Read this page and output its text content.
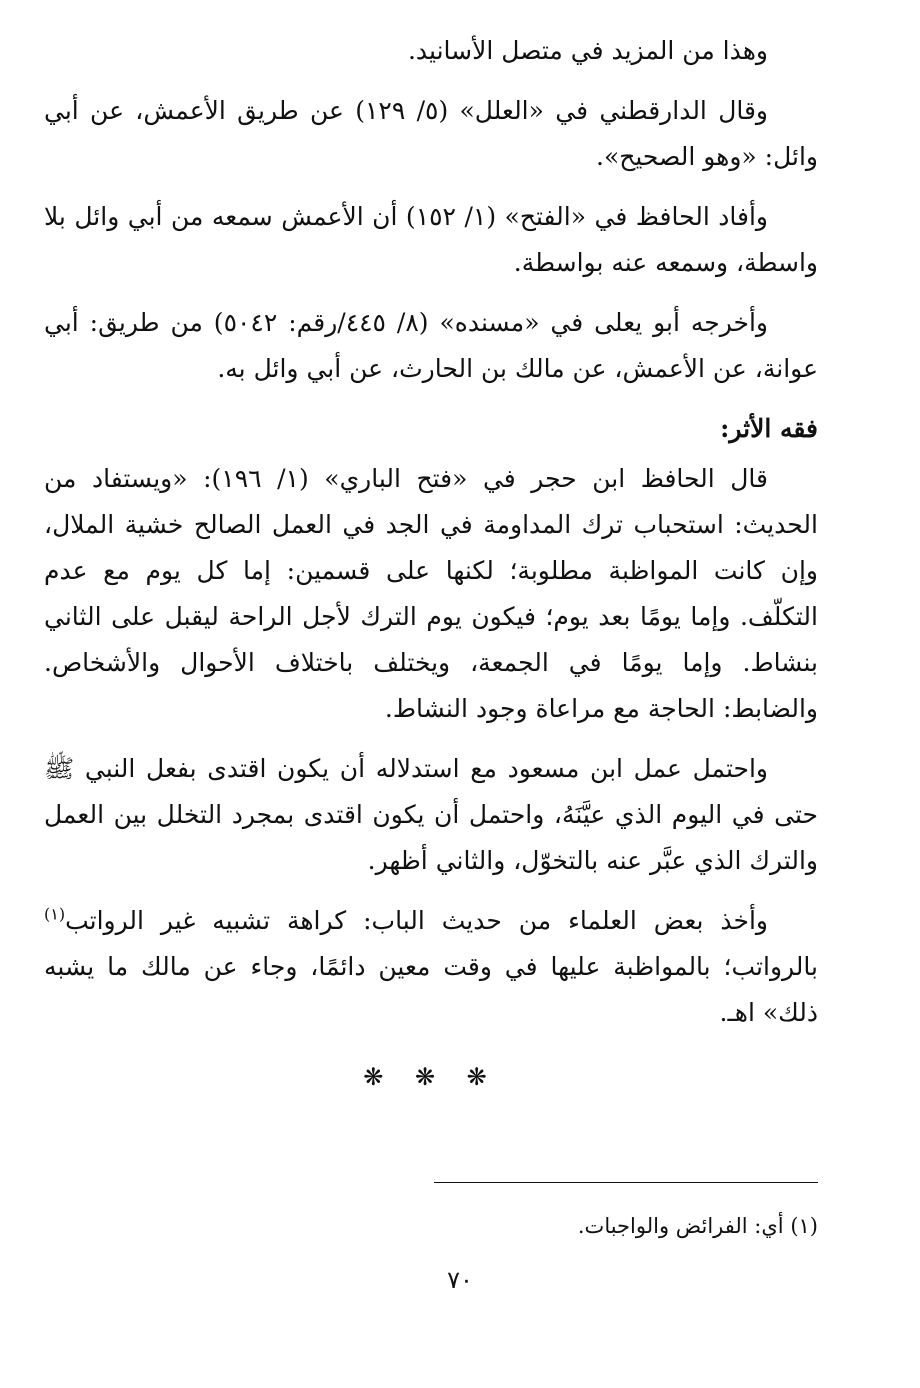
وهذا من المزيد في متصل الأسانيد.

وقال الدارقطني في «العلل» (٥/ ١٢٩) عن طريق الأعمش، عن أبي وائل: «وهو الصحيح».

وأفاد الحافظ في «الفتح» (١/ ١٥٢) أن الأعمش سمعه من أبي وائل بلا واسطة، وسمعه عنه بواسطة.

وأخرجه أبو يعلى في «مسنده» (٨/ ٤٤٥/رقم: ٥٠٤٢) من طريق: أبي عوانة، عن الأعمش، عن مالك بن الحارث، عن أبي وائل به.

فقه الأثر:

قال الحافظ ابن حجر في «فتح الباري» (١/ ١٩٦): «ويستفاد من الحديث: استحباب ترك المداومة في الجد في العمل الصالح خشية الملال، وإن كانت المواظبة مطلوبة؛ لكنها على قسمين: إما كل يوم مع عدم التكلّف. وإما يومًا بعد يوم؛ فيكون يوم الترك لأجل الراحة ليقبل على الثاني بنشاط. وإما يومًا في الجمعة، ويختلف باختلاف الأحوال والأشخاص. والضابط: الحاجة مع مراعاة وجود النشاط.

واحتمل عمل ابن مسعود مع استدلاله أن يكون اقتدى بفعل النبي ﷺ حتى في اليوم الذي عيَّنَهُ، واحتمل أن يكون اقتدى بمجرد التخلل بين العمل والترك الذي عبَّر عنه بالتخوّل، والثاني أظهر.

وأخذ بعض العلماء من حديث الباب: كراهة تشبيه غير الرواتب$^{(١)}$ بالرواتب؛ بالمواظبة عليها في وقت معين دائمًا، وجاء عن مالك ما يشبه ذلك» اهـ.

❋ ❋ ❋
(١) أي: الفرائض والواجبات.
٧٠
